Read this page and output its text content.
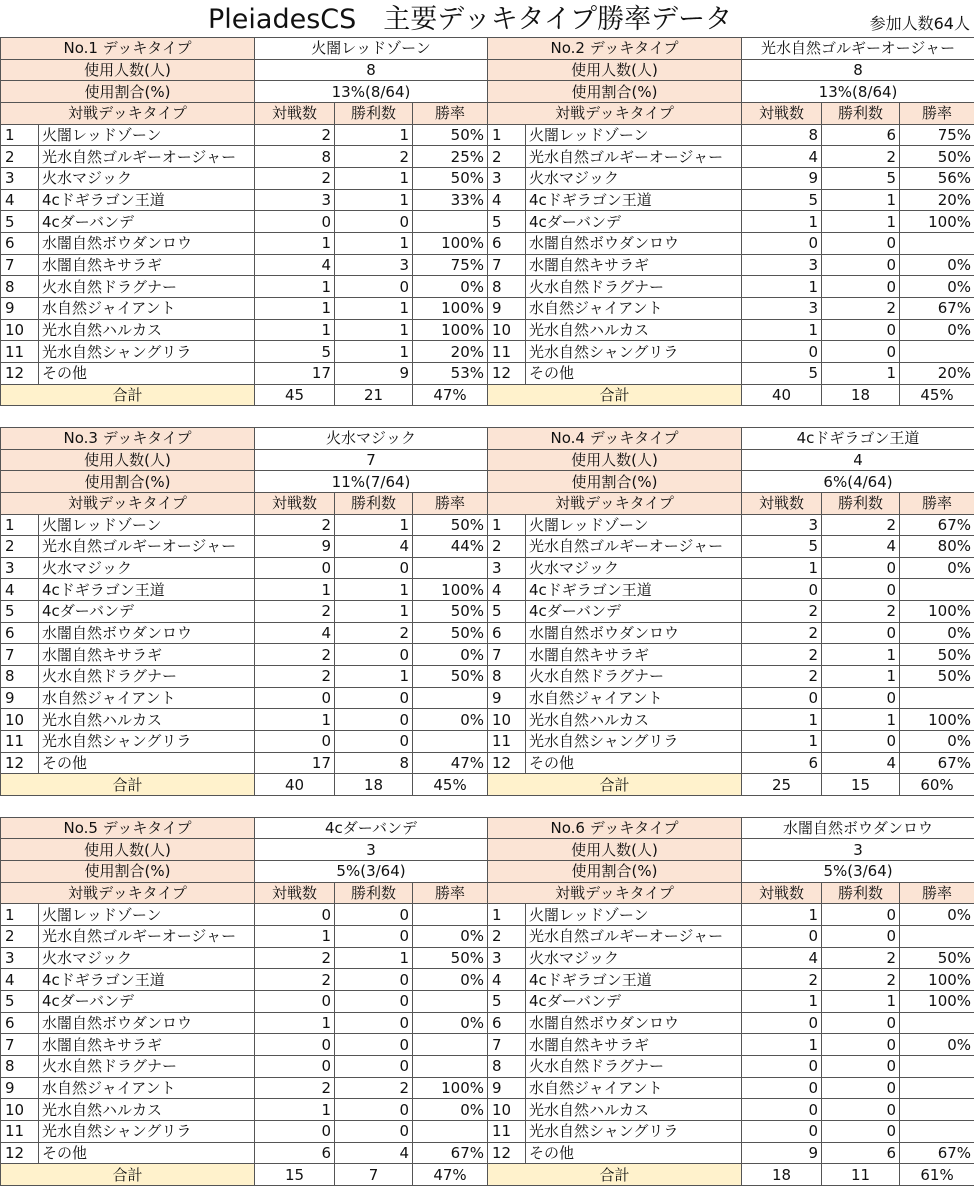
PleiadesCS　主要デッキタイプ勝率データ	参加人数64人
No.1 デッキタイプ		火闇レッドゾーン		
使用人数(人)		8		
使用割合(%)		13%(8/64)		
対戦デッキタイプ		対戦数	勝利数	勝率
1	火闇レッドゾーン	2	1	50%
2	光水自然ゴルギーオージャー	8	2	25%
3	火水マジック	2	1	50%
4	4cドギラゴン王道	3	1	33%
5	4cダーバンデ	0	0	
6	水闇自然ボウダンロウ	1	1	100%
7	水闇自然キサラギ	4	3	75%
8	火水自然ドラグナー	1	0	0%
9	水自然ジャイアント	1	1	100%
10	光水自然ハルカス	1	1	100%
11	光水自然シャングリラ	5	1	20%
12	その他	17	9	53%
合計		45	21	47%
No.2 デッキタイプ		光水自然ゴルギーオージャー		
使用人数(人)		8		
使用割合(%)		13%(8/64)		
対戦デッキタイプ		対戦数	勝利数	勝率
1	火闇レッドゾーン	8	6	75%
2	光水自然ゴルギーオージャー	4	2	50%
3	火水マジック	9	5	56%
4	4cドギラゴン王道	5	1	20%
5	4cダーバンデ	1	1	100%
6	水闇自然ボウダンロウ	0	0	
7	水闇自然キサラギ	3	0	0%
8	火水自然ドラグナー	1	0	0%
9	水自然ジャイアント	3	2	67%
10	光水自然ハルカス	1	0	0%
11	光水自然シャングリラ	0	0	
12	その他	5	1	20%
合計		40	18	45%
No.3 デッキタイプ		火水マジック		
使用人数(人)		7		
使用割合(%)		11%(7/64)		
対戦デッキタイプ		対戦数	勝利数	勝率
1	火闇レッドゾーン	2	1	50%
2	光水自然ゴルギーオージャー	9	4	44%
3	火水マジック	0	0	
4	4cドギラゴン王道	1	1	100%
5	4cダーバンデ	2	1	50%
6	水闇自然ボウダンロウ	4	2	50%
7	水闇自然キサラギ	2	0	0%
8	火水自然ドラグナー	2	1	50%
9	水自然ジャイアント	0	0	
10	光水自然ハルカス	1	0	0%
11	光水自然シャングリラ	0	0	
12	その他	17	8	47%
合計		40	18	45%
No.4 デッキタイプ		4cドギラゴン王道		
使用人数(人)		4		
使用割合(%)		6%(4/64)		
対戦デッキタイプ		対戦数	勝利数	勝率
1	火闇レッドゾーン	3	2	67%
2	光水自然ゴルギーオージャー	5	4	80%
3	火水マジック	1	0	0%
4	4cドギラゴン王道	0	0	
5	4cダーバンデ	2	2	100%
6	水闇自然ボウダンロウ	2	0	0%
7	水闇自然キサラギ	2	1	50%
8	火水自然ドラグナー	2	1	50%
9	水自然ジャイアント	0	0	
10	光水自然ハルカス	1	1	100%
11	光水自然シャングリラ	1	0	0%
12	その他	6	4	67%
合計		25	15	60%
No.5 デッキタイプ		4cダーバンデ		
使用人数(人)		3		
使用割合(%)		5%(3/64)		
対戦デッキタイプ		対戦数	勝利数	勝率
1	火闇レッドゾーン	0	0	
2	光水自然ゴルギーオージャー	1	0	0%
3	火水マジック	2	1	50%
4	4cドギラゴン王道	2	0	0%
5	4cダーバンデ	0	0	
6	水闇自然ボウダンロウ	1	0	0%
7	水闇自然キサラギ	0	0	
8	火水自然ドラグナー	0	0	
9	水自然ジャイアント	2	2	100%
10	光水自然ハルカス	1	0	0%
11	光水自然シャングリラ	0	0	
12	その他	6	4	67%
合計		15	7	47%
No.6 デッキタイプ		水闇自然ボウダンロウ		
使用人数(人)		3		
使用割合(%)		5%(3/64)		
対戦デッキタイプ		対戦数	勝利数	勝率
1	火闇レッドゾーン	1	0	0%
2	光水自然ゴルギーオージャー	0	0	
3	火水マジック	4	2	50%
4	4cドギラゴン王道	2	2	100%
5	4cダーバンデ	1	1	100%
6	水闇自然ボウダンロウ	0	0	
7	水闇自然キサラギ	1	0	0%
8	火水自然ドラグナー	0	0	
9	水自然ジャイアント	0	0	
10	光水自然ハルカス	0	0	
11	光水自然シャングリラ	0	0	
12	その他	9	6	67%
合計		18	11	61%
